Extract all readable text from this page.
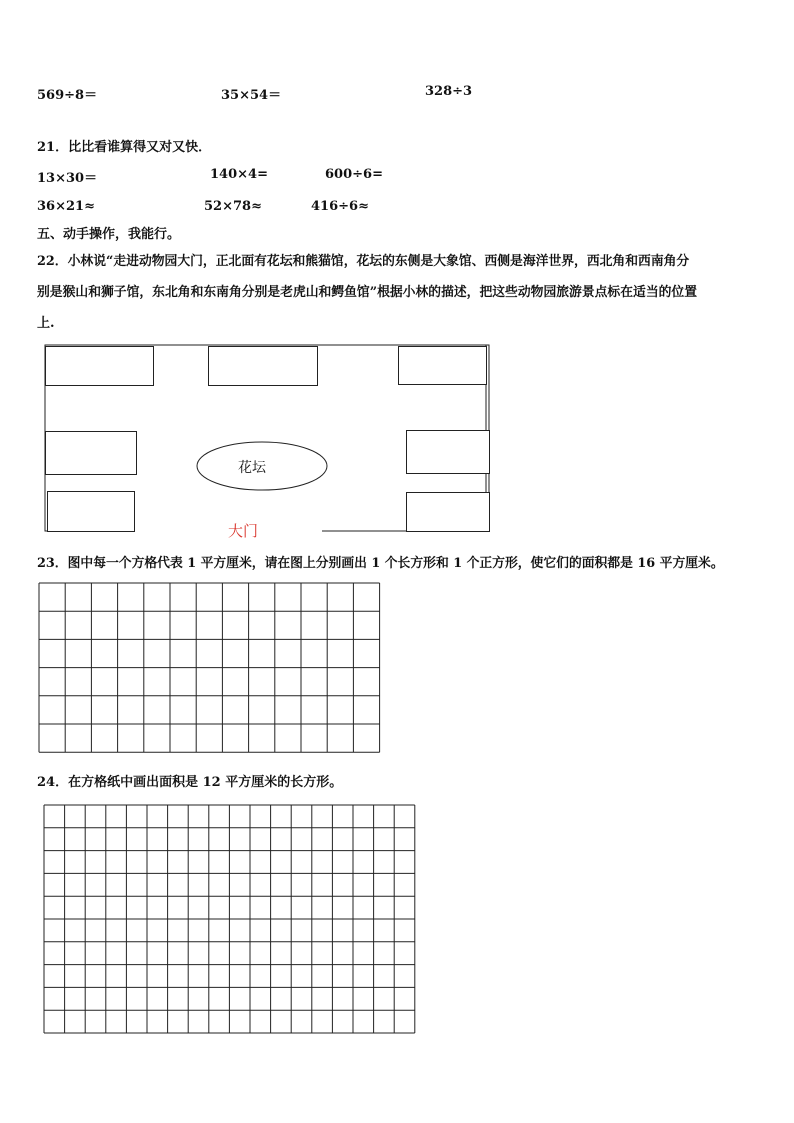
569÷8＝	35×54＝	328÷3
21．比比看谁算得又对又快．
13×30＝	140×4=	600÷6=
36×21≈	52×78≈	416÷6≈
五、动手操作，我能行。
22．小林说“走进动物园大门，正北面有花坛和熊猫馆，花坛的东侧是大象馆、西侧是海洋世界，西北角和西南角分
别是猴山和狮子馆，东北角和东南角分别是老虎山和鳄鱼馆”根据小林的描述，把这些动物园旅游景点标在适当的位置
上.
花坛
大门
23．图中每一个方格代表 1 平方厘米，请在图上分别画出 1 个长方形和 1 个正方形，使它们的面积都是 16 平方厘米。
24．在方格纸中画出面积是 12 平方厘米的长方形。
